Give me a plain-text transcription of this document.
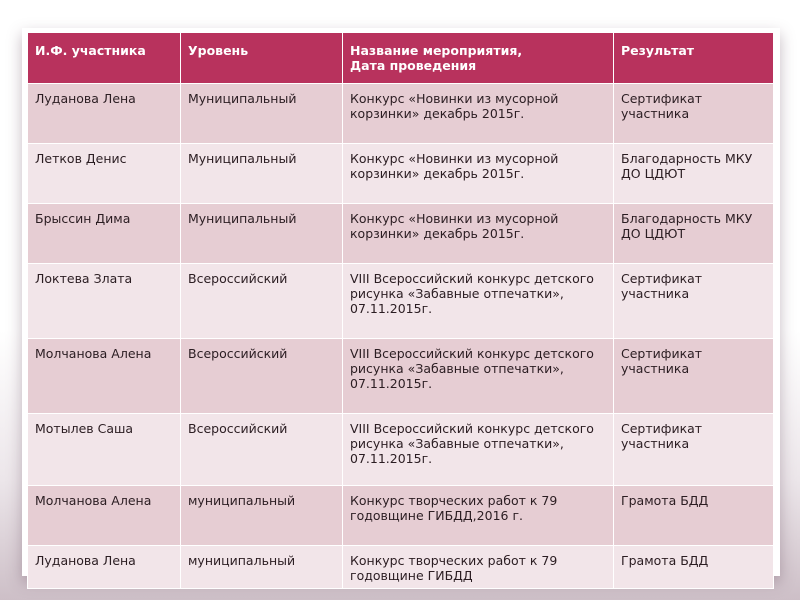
И.Ф. участника	Уровень	Название мероприятия,
Дата проведения	Результат
Луданова Лена	Муниципальный	Конкурс «Новинки из мусорной корзинки» декабрь 2015г.	Сертификат участника
Летков Денис	Муниципальный	Конкурс «Новинки из мусорной корзинки» декабрь 2015г.	Благодарность МКУ ДО ЦДЮТ
Брыссин Дима	Муниципальный	Конкурс «Новинки из мусорной корзинки» декабрь 2015г.	Благодарность МКУ ДО ЦДЮТ
Локтева Злата	Всероссийский	VIII Всероссийский конкурс детского рисунка «Забавные отпечатки», 07.11.2015г.	Сертификат участника
Молчанова Алена	Всероссийский	VIII Всероссийский конкурс детского рисунка «Забавные отпечатки», 07.11.2015г.	Сертификат участника
Мотылев Саша	Всероссийский	VIII Всероссийский конкурс детского рисунка «Забавные отпечатки», 07.11.2015г.	Сертификат участника
Молчанова Алена	муниципальный	Конкурс творческих работ к 79 годовщине ГИБДД,2016 г.	Грамота БДД
Луданова Лена	муниципальный	Конкурс творческих работ к 79 годовщине ГИБДД	Грамота БДД
